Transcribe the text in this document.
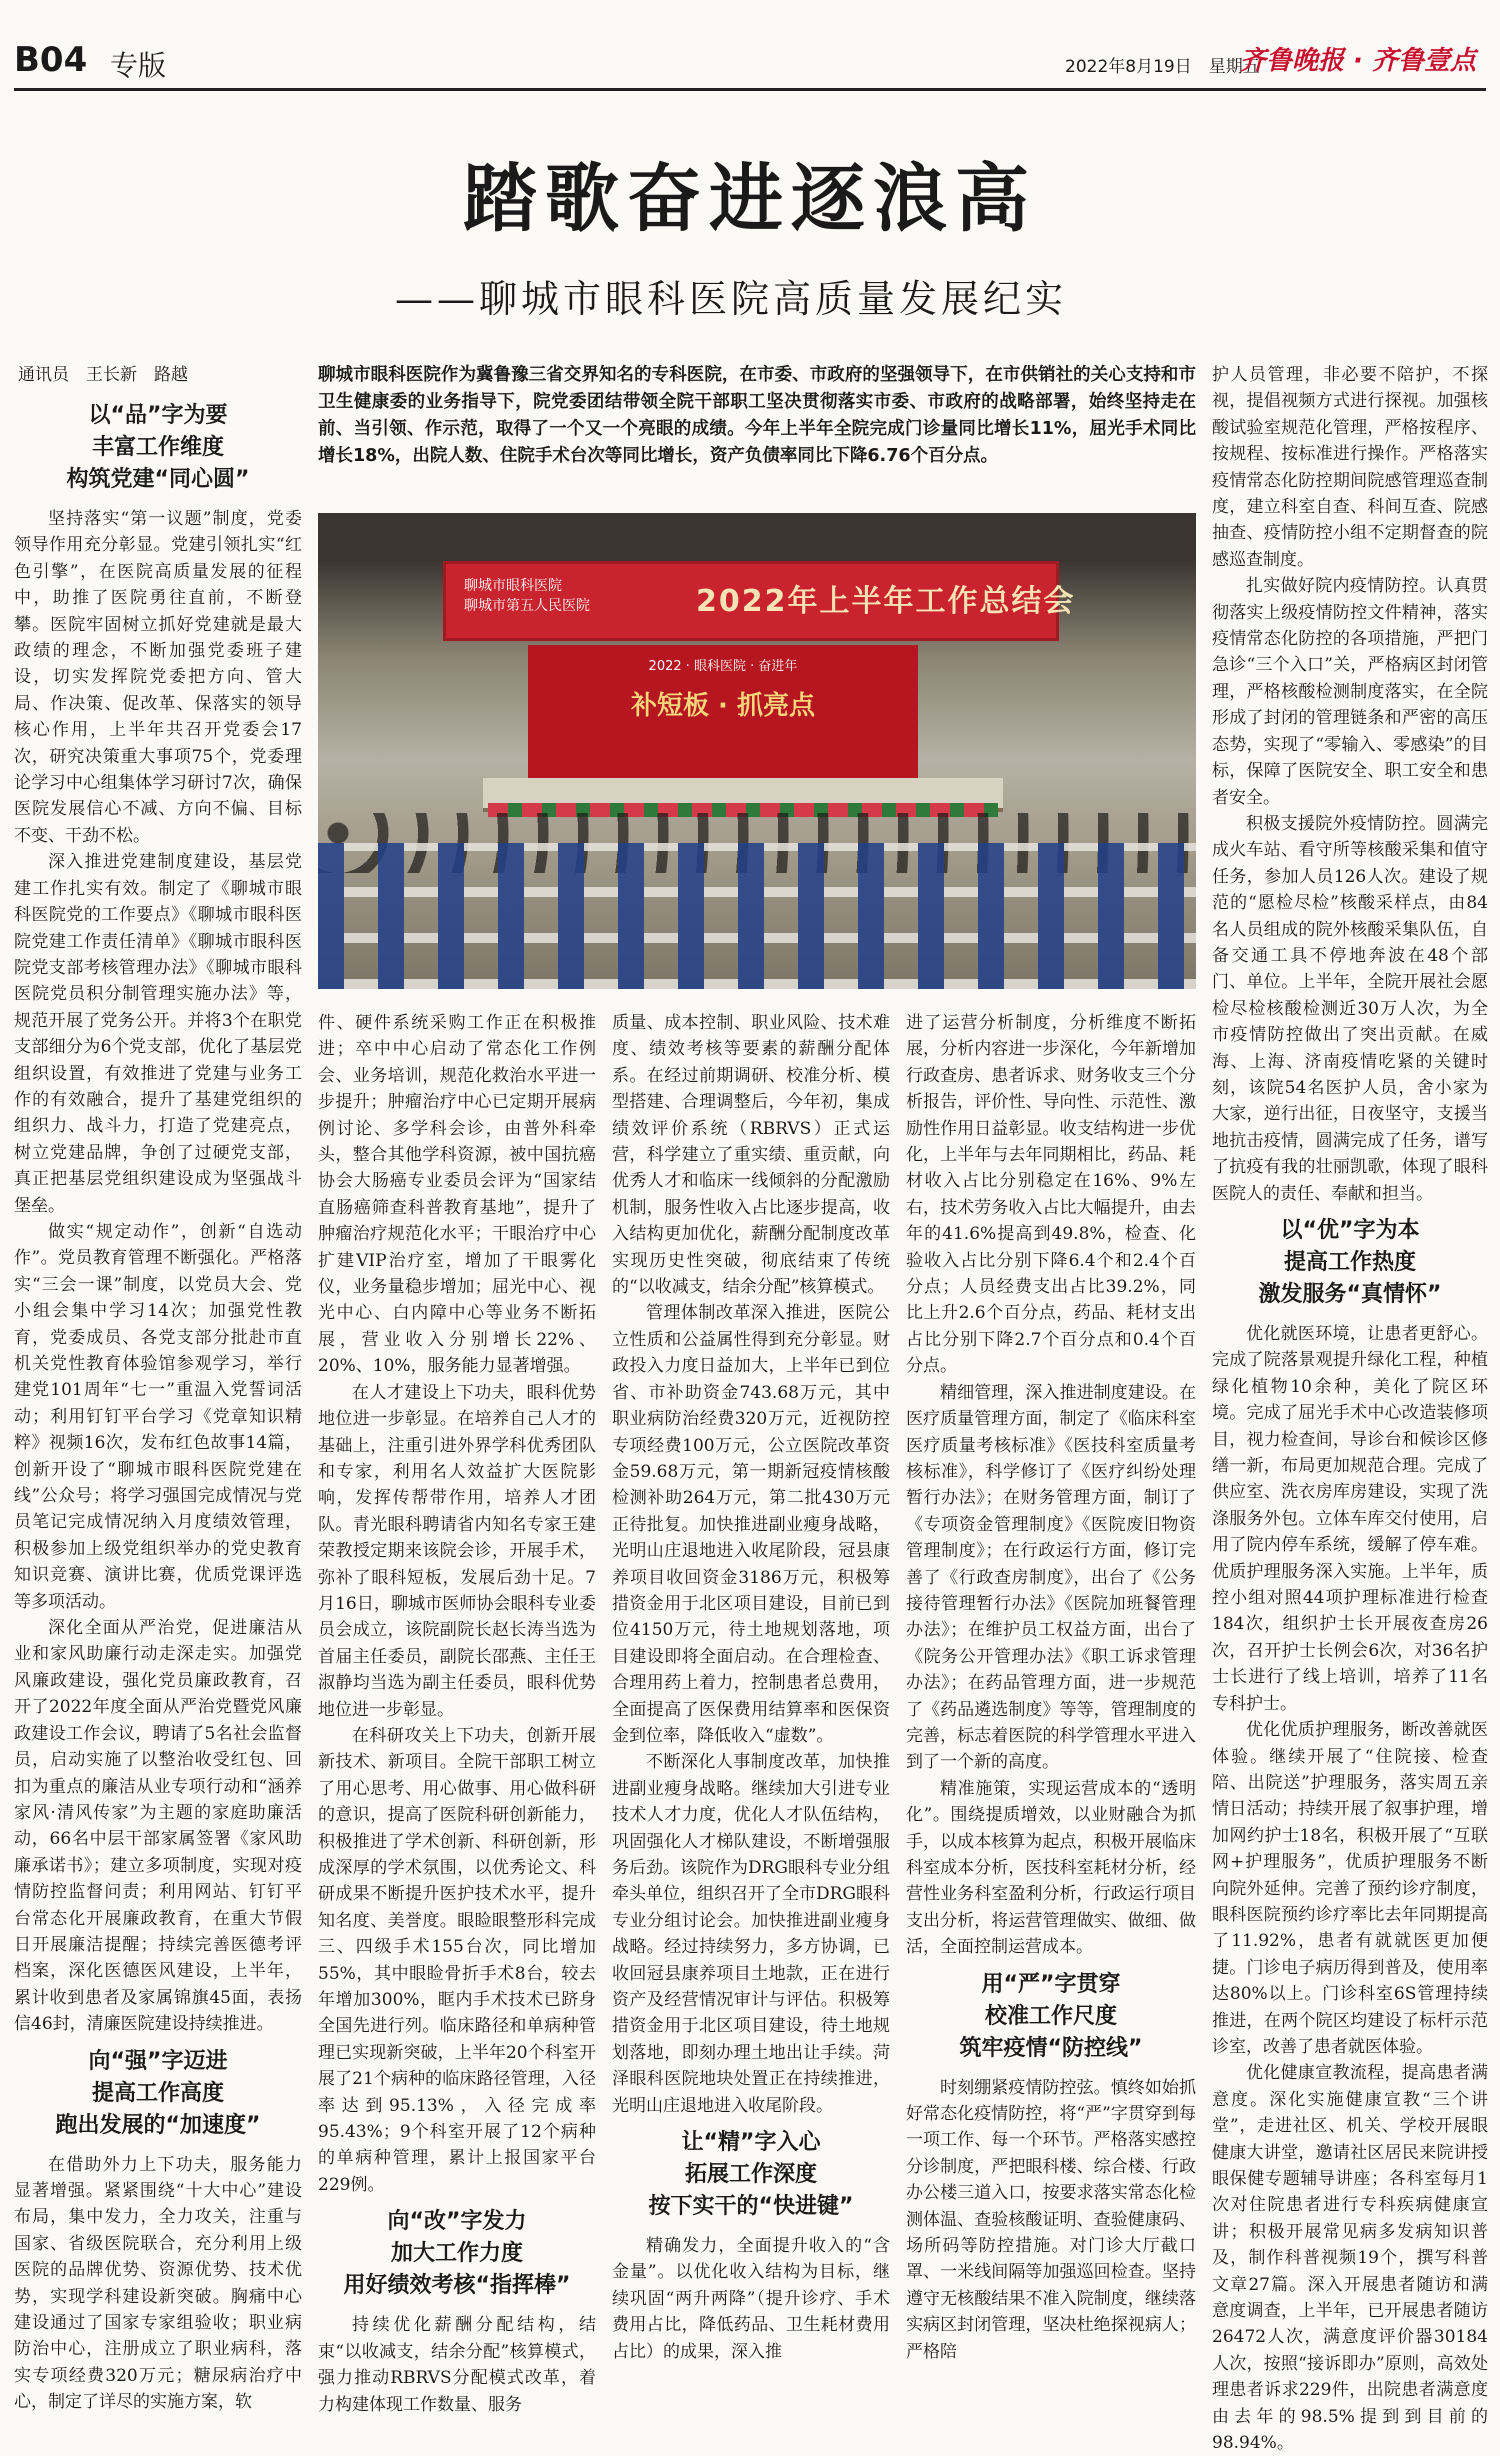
B04 专版	2022年8月19日　星期五
齐鲁晚报 · 齐鲁壹点
踏歌奋进逐浪高
——聊城市眼科医院高质量发展纪实
通讯员　王长新　路越	聊城市眼科医院作为冀鲁豫三省交界知名的专科医院，在市委、市政府的坚强领导下，在市供销社的关心支持和市卫生健康委的业务指导下，院党委团结带领全院干部职工坚决贯彻落实市委、市政府的战略部署，始终坚持走在前、当引领、作示范，取得了一个又一个亮眼的成绩。今年上半年全院完成门诊量同比增长11%，屈光手术同比增长18%，出院人数、住院手术台次等同比增长，资产负债率同比下降6.76个百分点。
聊城市眼科医院
聊城市第五人民医院	2022年上半年工作总结会
2022 · 眼科医院 · 奋进年
补短板 · 抓亮点
以“品”字为要
丰富工作维度
构筑党建“同心圆”

坚持落实“第一议题”制度，党委领导作用充分彰显。党建引领扎实“红色引擎”，在医院高质量发展的征程中，助推了医院勇往直前，不断登攀。医院牢固树立抓好党建就是最大政绩的理念，不断加强党委班子建设，切实发挥院党委把方向、管大局、作决策、促改革、保落实的领导核心作用，上半年共召开党委会17次，研究决策重大事项75个，党委理论学习中心组集体学习研讨7次，确保医院发展信心不减、方向不偏、目标不变、干劲不松。

深入推进党建制度建设，基层党建工作扎实有效。制定了《聊城市眼科医院党的工作要点》《聊城市眼科医院党建工作责任清单》《聊城市眼科医院党支部考核管理办法》《聊城市眼科医院党员积分制管理实施办法》等，规范开展了党务公开。并将3个在职党支部细分为6个党支部，优化了基层党组织设置，有效推进了党建与业务工作的有效融合，提升了基建党组织的组织力、战斗力，打造了党建亮点，树立党建品牌，争创了过硬党支部，真正把基层党组织建设成为坚强战斗堡垒。

做实“规定动作”，创新“自选动作”。党员教育管理不断强化。严格落实“三会一课”制度，以党员大会、党小组会集中学习14次；加强党性教育，党委成员、各党支部分批赴市直机关党性教育体验馆参观学习，举行建党101周年“七一”重温入党誓词活动；利用钉钉平台学习《党章知识精粹》视频16次，发布红色故事14篇，创新开设了“聊城市眼科医院党建在线”公众号；将学习强国完成情况与党员笔记完成情况纳入月度绩效管理，积极参加上级党组织举办的党史教育知识竞赛、演讲比赛，优质党课评选等多项活动。

深化全面从严治党，促进廉洁从业和家风助廉行动走深走实。加强党风廉政建设，强化党员廉政教育，召开了2022年度全面从严治党暨党风廉政建设工作会议，聘请了5名社会监督员，启动实施了以整治收受红包、回扣为重点的廉洁从业专项行动和“涵养家风·清风传家”为主题的家庭助廉活动，66名中层干部家属签署《家风助廉承诺书》；建立多项制度，实现对疫情防控监督问责；利用网站、钉钉平台常态化开展廉政教育，在重大节假日开展廉洁提醒；持续完善医德考评档案，深化医德医风建设，上半年，累计收到患者及家属锦旗45面，表扬信46封，清廉医院建设持续推进。

向“强”字迈进
提高工作高度
跑出发展的“加速度”

在借助外力上下功夫，服务能力显著增强。紧紧围绕“十大中心”建设布局，集中发力，全力攻关，注重与国家、省级医院联合，充分利用上级医院的品牌优势、资源优势、技术优势，实现学科建设新突破。胸痛中心建设通过了国家专家组验收；职业病防治中心，注册成立了职业病科，落实专项经费320万元；糖尿病治疗中心，制定了详尽的实施方案，软

件、硬件系统采购工作正在积极推进；卒中中心启动了常态化工作例会、业务培训，规范化救治水平进一步提升；肿瘤治疗中心已定期开展病例讨论、多学科会诊，由普外科牵头，整合其他学科资源，被中国抗癌协会大肠癌专业委员会评为“国家结直肠癌筛查科普教育基地”，提升了肿瘤治疗规范化水平；干眼治疗中心扩建VIP治疗室，增加了干眼雾化仪，业务量稳步增加；屈光中心、视光中心、白内障中心等业务不断拓展，营业收入分别增长22%、20%、10%，服务能力显著增强。

在人才建设上下功夫，眼科优势地位进一步彰显。在培养自己人才的基础上，注重引进外界学科优秀团队和专家，利用名人效益扩大医院影响，发挥传帮带作用，培养人才团队。青光眼科聘请省内知名专家王建荣教授定期来该院会诊，开展手术，弥补了眼科短板，发展后劲十足。7月16日，聊城市医师协会眼科专业委员会成立，该院副院长赵长涛当选为首届主任委员，副院长邵燕、主任王淑静均当选为副主任委员，眼科优势地位进一步彰显。

在科研攻关上下功夫，创新开展新技术、新项目。全院干部职工树立了用心思考、用心做事、用心做科研的意识，提高了医院科研创新能力，积极推进了学术创新、科研创新，形成深厚的学术氛围，以优秀论文、科研成果不断提升医护技术水平，提升知名度、美誉度。眼睑眼整形科完成三、四级手术155台次，同比增加55%，其中眼睑骨折手术8台，较去年增加300%，眶内手术技术已跻身全国先进行列。临床路径和单病种管理已实现新突破，上半年20个科室开展了21个病种的临床路径管理，入径率达到95.13%，入径完成率95.43%；9个科室开展了12个病种的单病种管理，累计上报国家平台229例。

向“改”字发力
加大工作力度
用好绩效考核“指挥棒”

持续优化薪酬分配结构，结束“以收减支，结余分配”核算模式，强力推动RBRVS分配模式改革，着力构建体现工作数量、服务

质量、成本控制、职业风险、技术难度、绩效考核等要素的薪酬分配体系。在经过前期调研、校准分析、模型搭建、合理调整后，今年初，集成绩效评价系统（RBRVS）正式运营，科学建立了重实绩、重贡献，向优秀人才和临床一线倾斜的分配激励机制，服务性收入占比逐步提高，收入结构更加优化，薪酬分配制度改革实现历史性突破，彻底结束了传统的“以收减支，结余分配”核算模式。

管理体制改革深入推进，医院公立性质和公益属性得到充分彰显。财政投入力度日益加大，上半年已到位省、市补助资金743.68万元，其中职业病防治经费320万元，近视防控专项经费100万元，公立医院改革资金59.68万元，第一期新冠疫情核酸检测补助264万元，第二批430万元正待批复。加快推进副业瘦身战略，光明山庄退地进入收尾阶段，冠县康养项目收回资金3186万元，积极筹措资金用于北区项目建设，目前已到位4150万元，待土地规划落地，项目建设即将全面启动。在合理检查、合理用药上着力，控制患者总费用，全面提高了医保费用结算率和医保资金到位率，降低收入“虚数”。

不断深化人事制度改革，加快推进副业瘦身战略。继续加大引进专业技术人才力度，优化人才队伍结构，巩固强化人才梯队建设，不断增强服务后劲。该院作为DRG眼科专业分组牵头单位，组织召开了全市DRG眼科专业分组讨论会。加快推进副业瘦身战略。经过持续努力，多方协调，已收回冠县康养项目土地款，正在进行资产及经营情况审计与评估。积极筹措资金用于北区项目建设，待土地规划落地，即刻办理土地出让手续。菏泽眼科医院地块处置正在持续推进，光明山庄退地进入收尾阶段。

让“精”字入心
拓展工作深度
按下实干的“快进键”

精确发力，全面提升收入的“含金量”。以优化收入结构为目标，继续巩固“两升两降”（提升诊疗、手术费用占比，降低药品、卫生耗材费用占比）的成果，深入推

进了运营分析制度，分析维度不断拓展，分析内容进一步深化，今年新增加行政查房、患者诉求、财务收支三个分析报告，评价性、导向性、示范性、激励性作用日益彰显。收支结构进一步优化，上半年与去年同期相比，药品、耗材收入占比分别稳定在16%、9%左右，技术劳务收入占比大幅提升，由去年的41.6%提高到49.8%，检查、化验收入占比分别下降6.4个和2.4个百分点；人员经费支出占比39.2%，同比上升2.6个百分点，药品、耗材支出占比分别下降2.7个百分点和0.4个百分点。

精细管理，深入推进制度建设。在医疗质量管理方面，制定了《临床科室医疗质量考核标准》《医技科室质量考核标准》，科学修订了《医疗纠纷处理暂行办法》；在财务管理方面，制订了《专项资金管理制度》《医院废旧物资管理制度》；在行政运行方面，修订完善了《行政查房制度》，出台了《公务接待管理暂行办法》《医院加班餐管理办法》；在维护员工权益方面，出台了《院务公开管理办法》《职工诉求管理办法》；在药品管理方面，进一步规范了《药品遴选制度》等等，管理制度的完善，标志着医院的科学管理水平进入到了一个新的高度。

精准施策，实现运营成本的“透明化”。围绕提质增效，以业财融合为抓手，以成本核算为起点，积极开展临床科室成本分析，医技科室耗材分析，经营性业务科室盈利分析，行政运行项目支出分析，将运营管理做实、做细、做活，全面控制运营成本。

用“严”字贯穿
校准工作尺度
筑牢疫情“防控线”

时刻绷紧疫情防控弦。慎终如始抓好常态化疫情防控，将“严”字贯穿到每一项工作、每一个环节。严格落实感控分诊制度，严把眼科楼、综合楼、行政办公楼三道入口，按要求落实常态化检测体温、查验核酸证明、查验健康码、场所码等防控措施。对门诊大厅截口罩、一米线间隔等加强巡回检查。坚持遵守无核酸结果不准入院制度，继续落实病区封闭管理，坚决杜绝探视病人；严格陪

护人员管理，非必要不陪护，不探视，提倡视频方式进行探视。加强核酸试验室规范化管理，严格按程序、按规程、按标准进行操作。严格落实疫情常态化防控期间院感管理巡查制度，建立科室自查、科间互查、院感抽查、疫情防控小组不定期督查的院感巡查制度。

扎实做好院内疫情防控。认真贯彻落实上级疫情防控文件精神，落实疫情常态化防控的各项措施，严把门急诊“三个入口”关，严格病区封闭管理，严格核酸检测制度落实，在全院形成了封闭的管理链条和严密的高压态势，实现了“零输入、零感染”的目标，保障了医院安全、职工安全和患者安全。

积极支援院外疫情防控。圆满完成火车站、看守所等核酸采集和值守任务，参加人员126人次。建设了规范的“愿检尽检”核酸采样点，由84名人员组成的院外核酸采集队伍，自备交通工具不停地奔波在48个部门、单位。上半年，全院开展社会愿检尽检核酸检测近30万人次，为全市疫情防控做出了突出贡献。在威海、上海、济南疫情吃紧的关键时刻，该院54名医护人员，舍小家为大家，逆行出征，日夜坚守，支援当地抗击疫情，圆满完成了任务，谱写了抗疫有我的壮丽凯歌，体现了眼科医院人的责任、奉献和担当。

以“优”字为本
提高工作热度
激发服务“真情怀”

优化就医环境，让患者更舒心。完成了院落景观提升绿化工程，种植绿化植物10余种，美化了院区环境。完成了屈光手术中心改造装修项目，视力检查间，导诊台和候诊区修缮一新，布局更加规范合理。完成了供应室、洗衣房库房建设，实现了洗涤服务外包。立体车库交付使用，启用了院内停车系统，缓解了停车难。优质护理服务深入实施。上半年，质控小组对照44项护理标准进行检查184次，组织护士长开展夜查房26次，召开护士长例会6次，对36名护士长进行了线上培训，培养了11名专科护士。

优化优质护理服务，断改善就医体验。继续开展了“住院接、检查陪、出院送”护理服务，落实周五亲情日活动；持续开展了叙事护理，增加网约护士18名，积极开展了“互联网+护理服务”，优质护理服务不断向院外延伸。完善了预约诊疗制度，眼科医院预约诊疗率比去年同期提高了11.92%，患者有就就医更加便捷。门诊电子病历得到普及，使用率达80%以上。门诊科室6S管理持续推进，在两个院区均建设了标杆示范诊室，改善了患者就医体验。

优化健康宣教流程，提高患者满意度。深化实施健康宣教“三个讲堂”，走进社区、机关、学校开展眼健康大讲堂，邀请社区居民来院讲授眼保健专题辅导讲座；各科室每月1次对住院患者进行专科疾病健康宣讲；积极开展常见病多发病知识普及，制作科普视频19个，撰写科普文章27篇。深入开展患者随访和满意度调查，上半年，已开展患者随访26472人次，满意度评价器30184人次，按照“接诉即办”原则，高效处理患者诉求229件，出院患者满意度由去年的98.5%提到到目前的98.94%。
